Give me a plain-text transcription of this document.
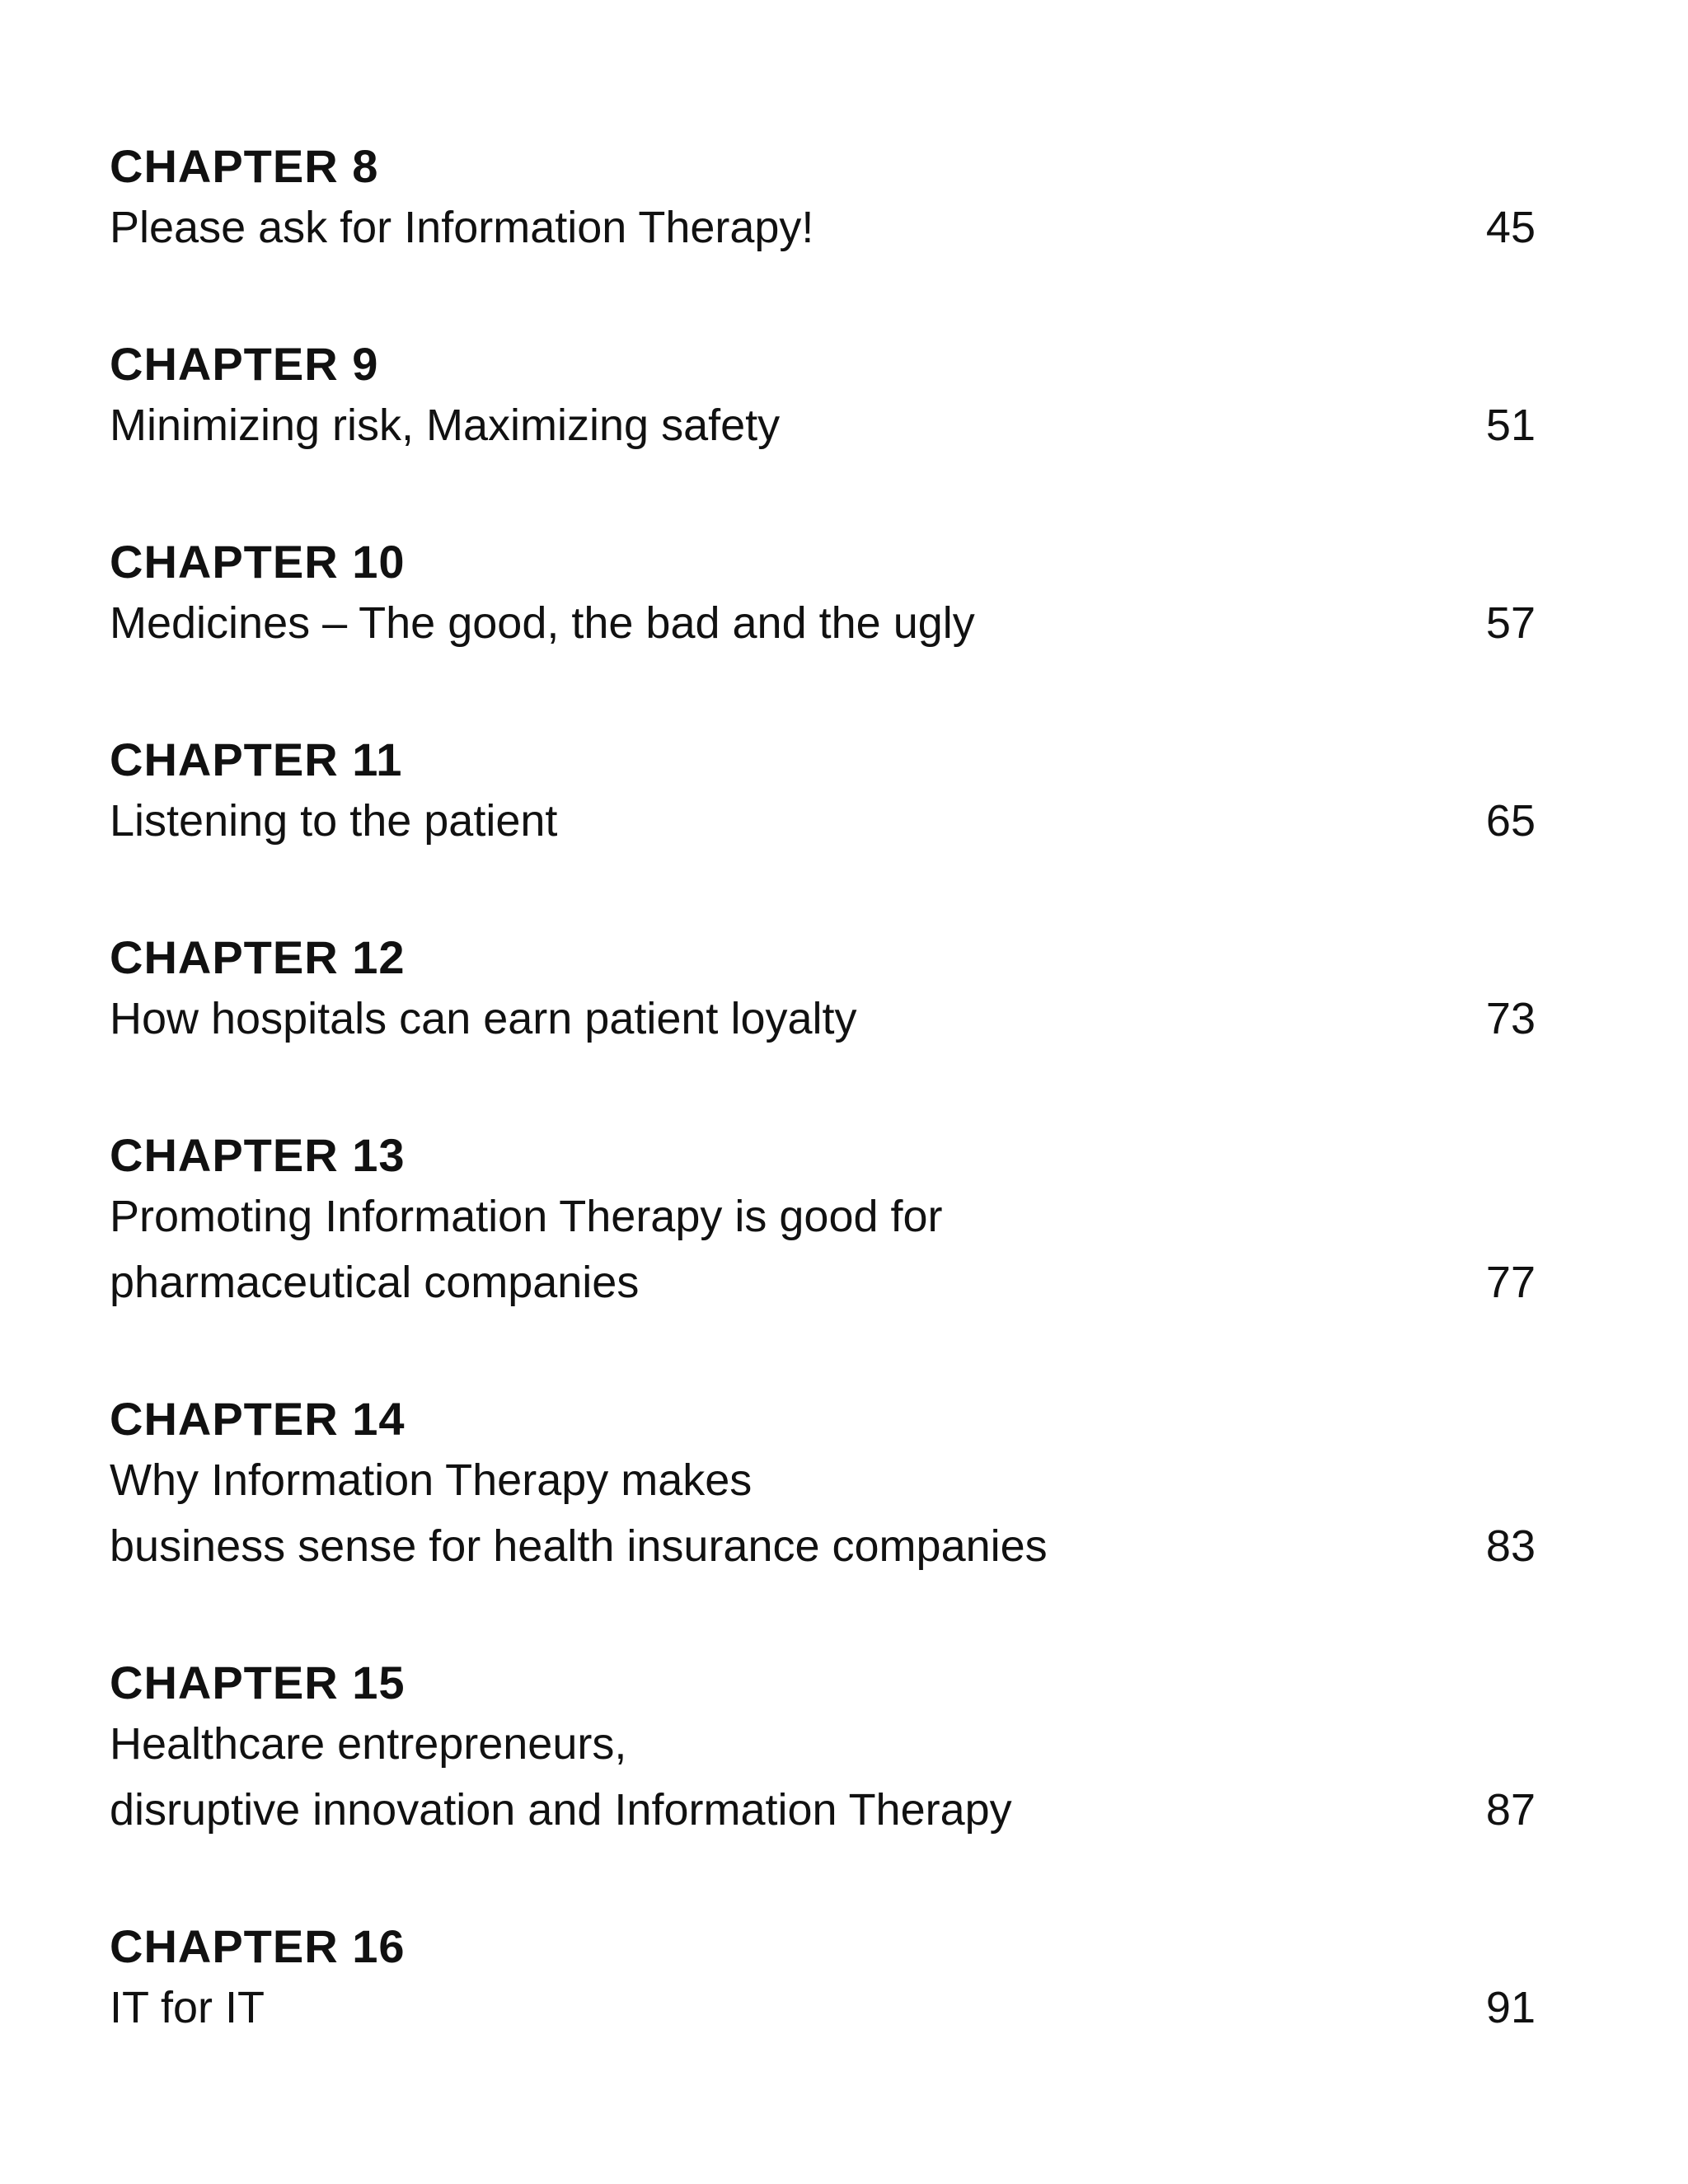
CHAPTER 8
Please ask for Information Therapy!	45
CHAPTER 9
Minimizing risk, Maximizing safety	51
CHAPTER 10
Medicines – The good, the bad and the ugly	57
CHAPTER 11
Listening to the patient	65
CHAPTER 12
How hospitals can earn patient loyalty	73
CHAPTER 13
Promoting Information Therapy is good for
pharmaceutical companies	77
CHAPTER 14
Why Information Therapy makes
business sense for health insurance companies	83
CHAPTER 15
Healthcare entrepreneurs,
disruptive innovation and Information Therapy	87
CHAPTER 16
IT for IT	91
